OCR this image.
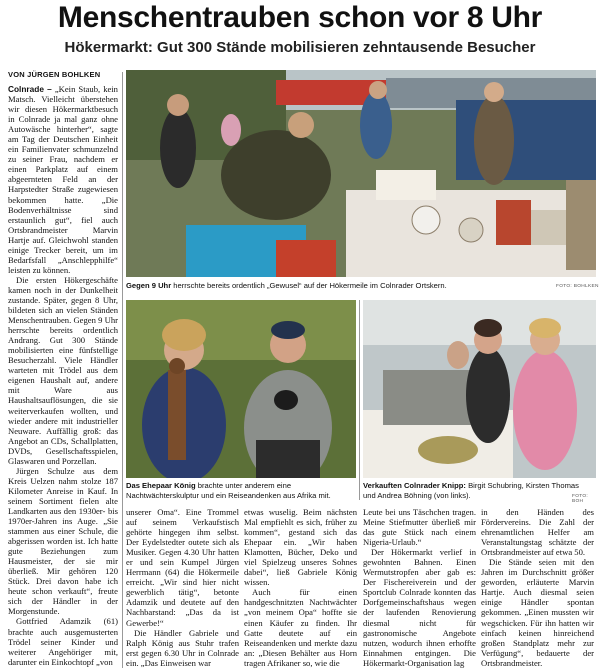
Menschentrauben schon vor 8 Uhr
Hökermarkt: Gut 300 Stände mobilisieren zehntausende Besucher
VON JÜRGEN BOHLKEN

Colnrade – „Kein Staub, kein Matsch. Vielleicht überstehen wir diesen Hökermarktbesuch in Colnrade ja mal ganz ohne Autowäsche hinterher“, sagte am Tag der Deutschen Einheit ein Familienvater schmunzelnd zu seiner Frau, nachdem er einen Parkplatz auf einem abgeernteten Feld an der Harpstedter Straße zugewiesen bekommen hatte. „Die Bodenverhältnisse sind erstaunlich gut“, fiel auch Ortsbrandmeister Marvin Hartje auf. Gleichwohl standen einige Trecker bereit, um im Bedarfsfall „Anschlepphilfe“ leisten zu können.

Die ersten Hökergeschäfte kamen noch in der Dunkelheit zustande. Später, gegen 8 Uhr, bildeten sich an vielen Ständen Menschentrauben. Gegen 9 Uhr herrschte bereits ordentlich Andrang. Gut 300 Stände mobilisierten eine fünfstellige Besucherzahl. Viele Händler warteten mit Trödel aus dem eigenen Haushalt auf, andere mit Ware aus Haushaltsauflösungen, die sie weiterverkaufen wollten, und wieder andere mit industrieller Neuware. Auffällig groß: das Angebot an CDs, Schallplatten, DVDs, Gesellschaftsspielen, Glaswaren und Porzellan.

Jürgen Schulze aus dem Kreis Uelzen nahm stolze 187 Kilometer Anreise in Kauf. In seinem Sortiment fielen alte Landkarten aus den 1930er- bis 1970er-Jahren ins Auge. „Sie stammen aus einer Schule, die abgerissen worden ist. Ich hatte gute Beziehungen zum Hausmeister, der sie mir überließ. Mir gehören 120 Stück. Drei davon habe ich heute schon verkauft“, freute sich der Händler in der Morgenstunde.

Gottfried Adamzik (61) brachte auch ausgemusterten Trödel seiner Kinder und weiterer Angehöriger mit, darunter ein Einkochtopf „von

Gegen 9 Uhr herrschte bereits ordentlich „Gewusel“ auf der Hökermeile im Colnrader Ortskern.	FOTO: BOHLKEN
Das Ehepaar König brachte unter anderem eine Nachtwächterskulptur und ein Reiseandenken aus Afrika mit.
Verkauften Colnrader Knipp: Birgit Schubring, Kirsten Thomas und Andrea Böhning (von links).	FOTO: BOH

unserer Oma“. Eine Trommel auf seinem Verkaufstisch gehörte hingegen ihm selbst. Der Eydelstedter outete sich als Musiker. Gegen 4.30 Uhr hatten er und sein Kumpel Jürgen Herrmann (64) die Hökermeile erreicht. „Wir sind hier nicht gewerblich tätig“, betonte Adamzik und deutete auf den Nachbarstand: „Das da ist Gewerbe!“

Die Händler Gabriele und Ralph König aus Stuhr trafen erst gegen 6.30 Uhr in Colnrade ein. „Das Einweisen war

etwas wuselig. Beim nächsten Mal empfiehlt es sich, früher zu kommen“, gestand sich das Ehepaar ein. „Wir haben Klamotten, Bücher, Deko und viel Spielzeug unseres Sohnes dabei“, ließ Gabriele König wissen.

Auch für einen handgeschnitzten Nachtwächter „von meinem Opa“ hoffte sie einen Käufer zu finden. Ihr Gatte deutete auf ein Reiseandenken und merkte dazu an: „Diesen Behälter aus Horn tragen Afrikaner so, wie die

Leute bei uns Täschchen tragen. Meine Stiefmutter überließ mir das gute Stück nach einem Nigeria-Urlaub.“

Der Hökermarkt verlief in gewohnten Bahnen. Einen Wermutstropfen aber gab es: Der Fischereiverein und der Sportclub Colnrade konnten das Dorfgemeinschaftshaus wegen der laufenden Renovierung diesmal nicht für gastronomische Angebote nutzen, wodurch ihnen erhoffte Einnahmen entgingen. Die Hökermarkt-Organisation lag

in den Händen des Fördervereins. Die Zahl der ehrenamtlichen Helfer am Veranstaltungstag schätzte der Ortsbrandmeister auf etwa 50.

Die Stände seien mit den Jahren im Durchschnitt größer geworden, erläuterte Marvin Hartje. Auch diesmal seien einige Händler spontan gekommen. „Einen mussten wir wegschicken. Für ihn hatten wir einfach keinen hinreichend großen Standplatz mehr zur Verfügung“, bedauerte der Ortsbrandmeister.
